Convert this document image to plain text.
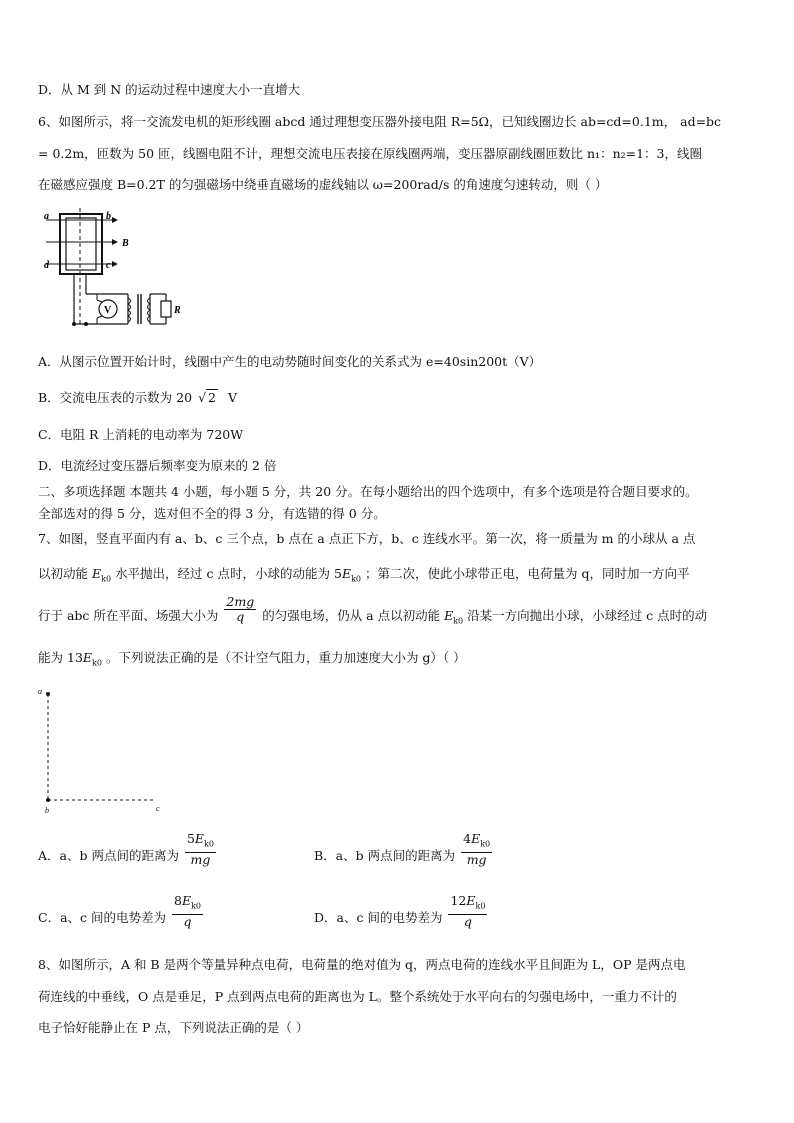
D．从 M 到 N 的运动过程中速度大小一直增大
6、如图所示，将一交流发电机的矩形线圈 abcd 通过理想变压器外接电阻 R=5Ω，已知线圈边长 ab=cd=0.1m， ad=bc
= 0.2m，匝数为 50 匝，线圈电阻不计，理想交流电压表接在原线圈两端，变压器原副线圈匝数比 n₁：n₂=1：3，线圈
在磁感应强度 B=0.2T 的匀强磁场中绕垂直磁场的虚线轴以 ω=200rad/s 的角速度匀速转动，则（ ）
a	b
B
d	c
V	R
A．从图示位置开始计时，线圈中产生的电动势随时间变化的关系式为 e=40sin200t（V）
B．交流电压表的示数为 20 √ 2 V
C．电阻 R 上消耗的电动率为 720W
D．电流经过变压器后频率变为原来的 2 倍
二、多项选择题 本题共 4 小题，每小题 5 分，共 20 分。在每小题给出的四个选项中，有多个选项是符合题目要求的。
全部选对的得 5 分，选对但不全的得 3 分，有选错的得 0 分。
7、如图，竖直平面内有 a、b、c 三个点，b 点在 a 点正下方，b、c 连线水平。第一次，将一质量为 m 的小球从 a 点
以初动能 $E_{k0}$ 水平抛出，经过 c 点时，小球的动能为 $5E_{k0}$ ；第二次，使此小球带正电，电荷量为 q，同时加一方向平
行于 abc 所在平面、场强大小为 $\frac{2mg}{q}$ 的匀强电场，仍从 a 点以初动能 $E_{k0}$ 沿某一方向抛出小球，小球经过 c 点时的动
能为 $13E_{k0}$ 。下列说法正确的是（不计空气阻力，重力加速度大小为 g）（ ）
a
b	c
A．a、b 两点间的距离为 $\frac{5E_{k0}}{mg}$	B．a、b 两点间的距离为 $\frac{4E_{k0}}{mg}$
C．a、c 间的电势差为 $\frac{8E_{k0}}{q}$	D．a、c 间的电势差为 $\frac{12E_{k0}}{q}$
8、如图所示，A 和 B 是两个等量异种点电荷，电荷量的绝对值为 q，两点电荷的连线水平且间距为 L，OP 是两点电
荷连线的中垂线，O 点是垂足，P 点到两点电荷的距离也为 L。整个系统处于水平向右的匀强电场中，一重力不计的
电子恰好能静止在 P 点，下列说法正确的是（ ）
